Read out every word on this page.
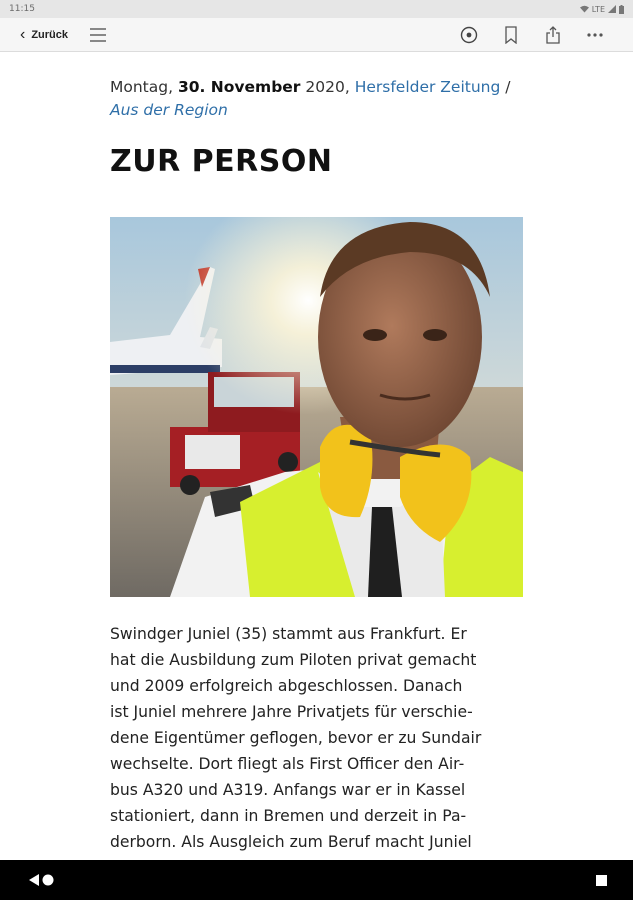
11:15	LTE
‹ Zurück
Montag, 30. November 2020, Hersfelder Zeitung /
Aus der Region
ZUR PERSON
Swindger Juniel (35) stammt aus Frankfurt. Er
hat die Ausbildung zum Piloten privat gemacht
und 2009 erfolgreich abgeschlossen. Danach
ist Juniel mehrere Jahre Privatjets für verschie-
dene Eigentümer geflogen, bevor er zu Sundair
wechselte. Dort fliegt als First Officer den Air-
bus A320 und A319. Anfangs war er in Kassel
stationiert, dann in Bremen und derzeit in Pa-
derborn. Als Ausgleich zum Beruf macht Juniel
